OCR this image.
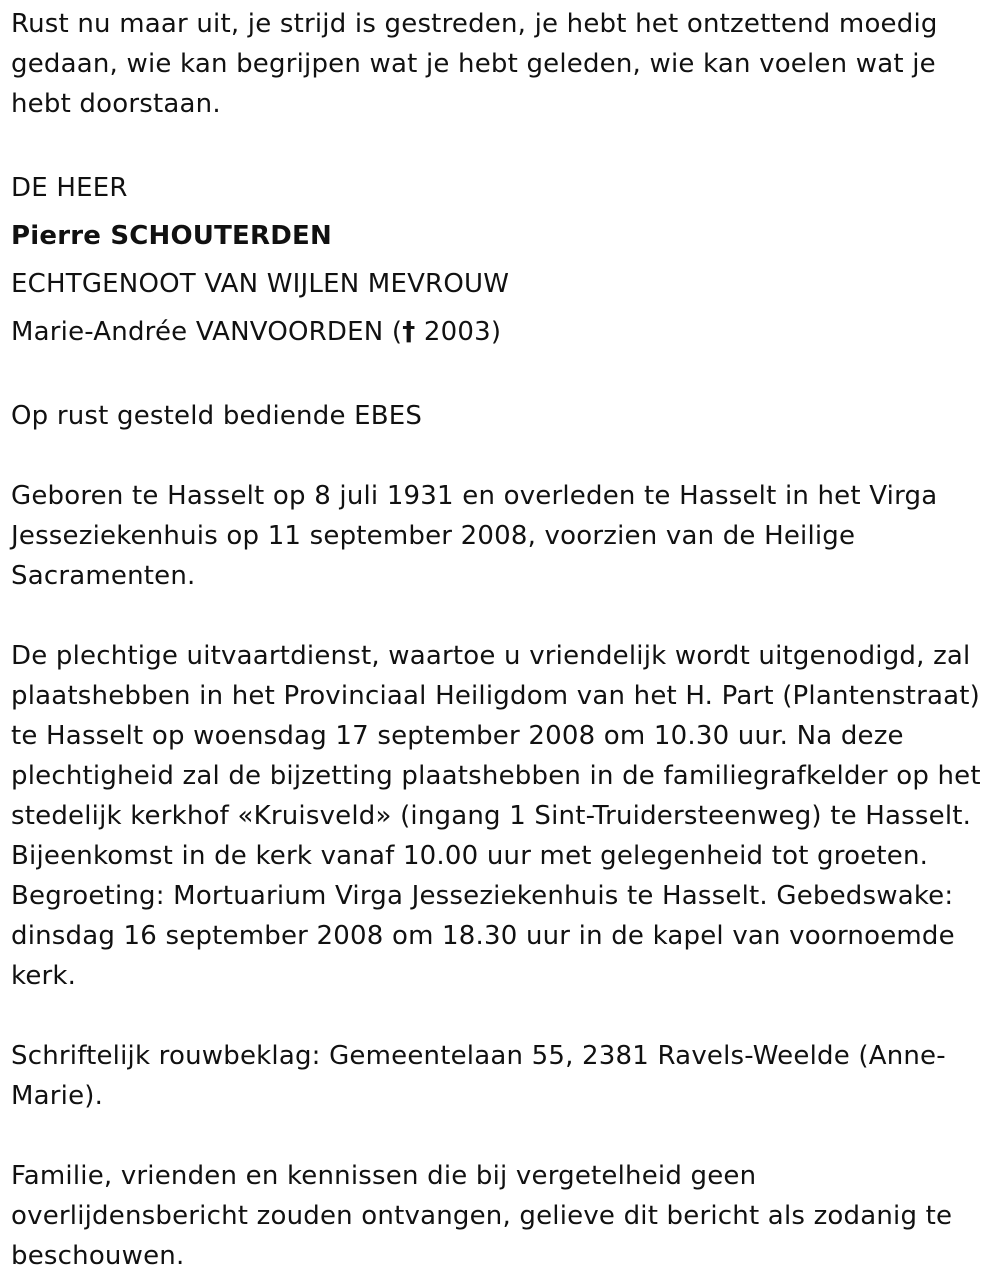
Rust nu maar uit, je strijd is gestreden, je hebt het ontzettend moedig gedaan, wie kan begrijpen wat je hebt geleden, wie kan voelen wat je hebt doorstaan.

DE HEER

Pierre SCHOUTERDEN

ECHTGENOOT VAN WIJLEN MEVROUW

Marie-Andrée VANVOORDEN († 2003)

Op rust gesteld bediende EBES

Geboren te Hasselt op 8 juli 1931 en overleden te Hasselt in het Virga Jesseziekenhuis op 11 september 2008, voorzien van de Heilige Sacramenten.

De plechtige uitvaartdienst, waartoe u vriendelijk wordt uitgenodigd, zal plaatshebben in het Provinciaal Heiligdom van het H. Part (Plantenstraat) te Hasselt op woensdag 17 september 2008 om 10.30 uur. Na deze plechtigheid zal de bijzetting plaatshebben in de familiegrafkelder op het stedelijk kerkhof «Kruisveld» (ingang 1 Sint-Truidersteenweg) te Hasselt. Bijeenkomst in de kerk vanaf 10.00 uur met gelegenheid tot groeten. Begroeting: Mortuarium Virga Jesseziekenhuis te Hasselt. Gebedswake: dinsdag 16 september 2008 om 18.30 uur in de kapel van voornoemde kerk.

Schriftelijk rouwbeklag: Gemeentelaan 55, 2381 Ravels-Weelde (Anne-Marie).

Familie, vrienden en kennissen die bij vergetelheid geen overlijdensbericht zouden ontvangen, gelieve dit bericht als zodanig te beschouwen.
